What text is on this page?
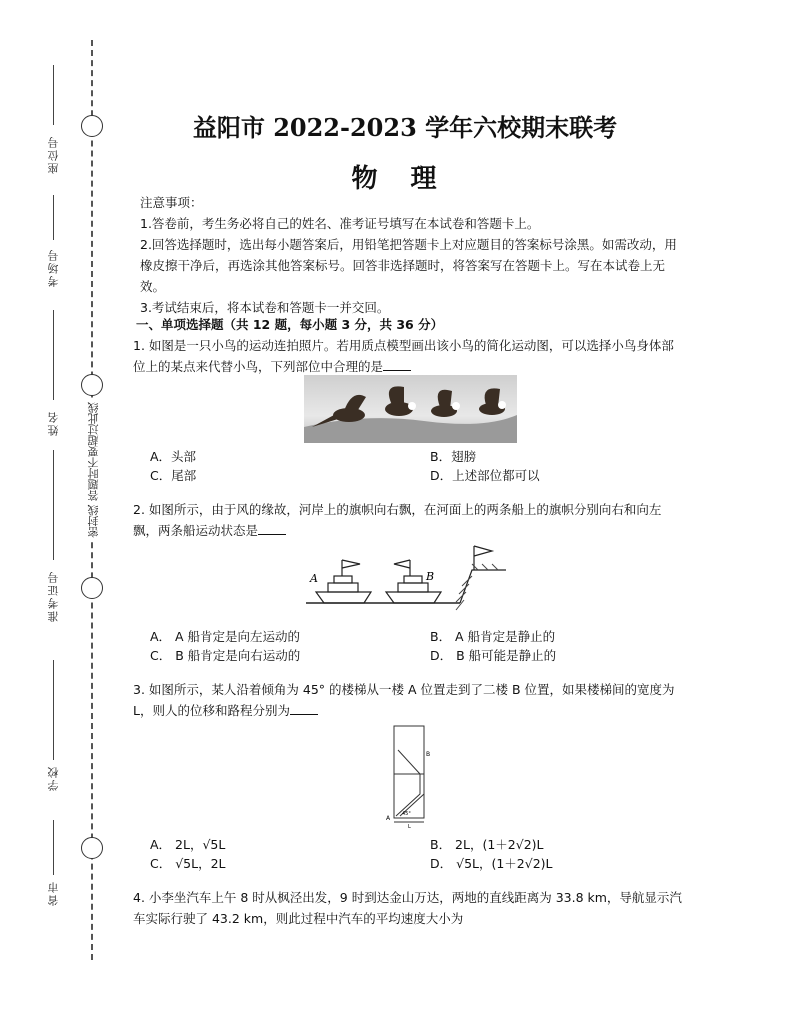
座位号
考场号
姓名
准考证号
学校
省市
密封线 答题时不要超过此线
益阳市 2022-2023 学年六校期末联考
物 理
注意事项：
1.答卷前，考生务必将自己的姓名、准考证号填写在本试卷和答题卡上。
2.回答选择题时，选出每小题答案后，用铅笔把答题卡上对应题目的答案标号涂黑。如需改动，用橡皮擦干净后，再选涂其他答案标号。回答非选择题时，将答案写在答题卡上。写在本试卷上无效。
3.考试结束后，将本试卷和答题卡一并交回。
一、单项选择题（共 12 题，每小题 3 分，共 36 分）
1. 如图是一只小鸟的运动连拍照片。若用质点模型画出该小鸟的简化运动图，可以选择小鸟身体部位上的某点来代替小鸟，下列部位中合理的是
A．头部	B．翅膀
C．尾部	D．上述部位都可以
2. 如图所示，由于风的缘故，河岸上的旗帜向右飘，在河面上的两条船上的旗帜分别向右和向左飘，两条船运动状态是
A	B
A． A 船肯定是向左运动的	B． A 船肯定是静止的
C． B 船肯定是向右运动的	D． B 船可能是静止的
3. 如图所示，某人沿着倾角为 45° 的楼梯从一楼 A 位置走到了二楼 B 位置，如果楼梯间的宽度为 L，则人的位移和路程分别为
B
A
45°
L
A． 2L，√5L	B． 2L，(1＋2√2)L
C． √5L，2L	D． √5L，(1＋2√2)L
4. 小李坐汽车上午 8 时从枫泾出发，9 时到达金山万达，两地的直线距离为 33.8 km，导航显示汽车实际行驶了 43.2 km，则此过程中汽车的平均速度大小为
